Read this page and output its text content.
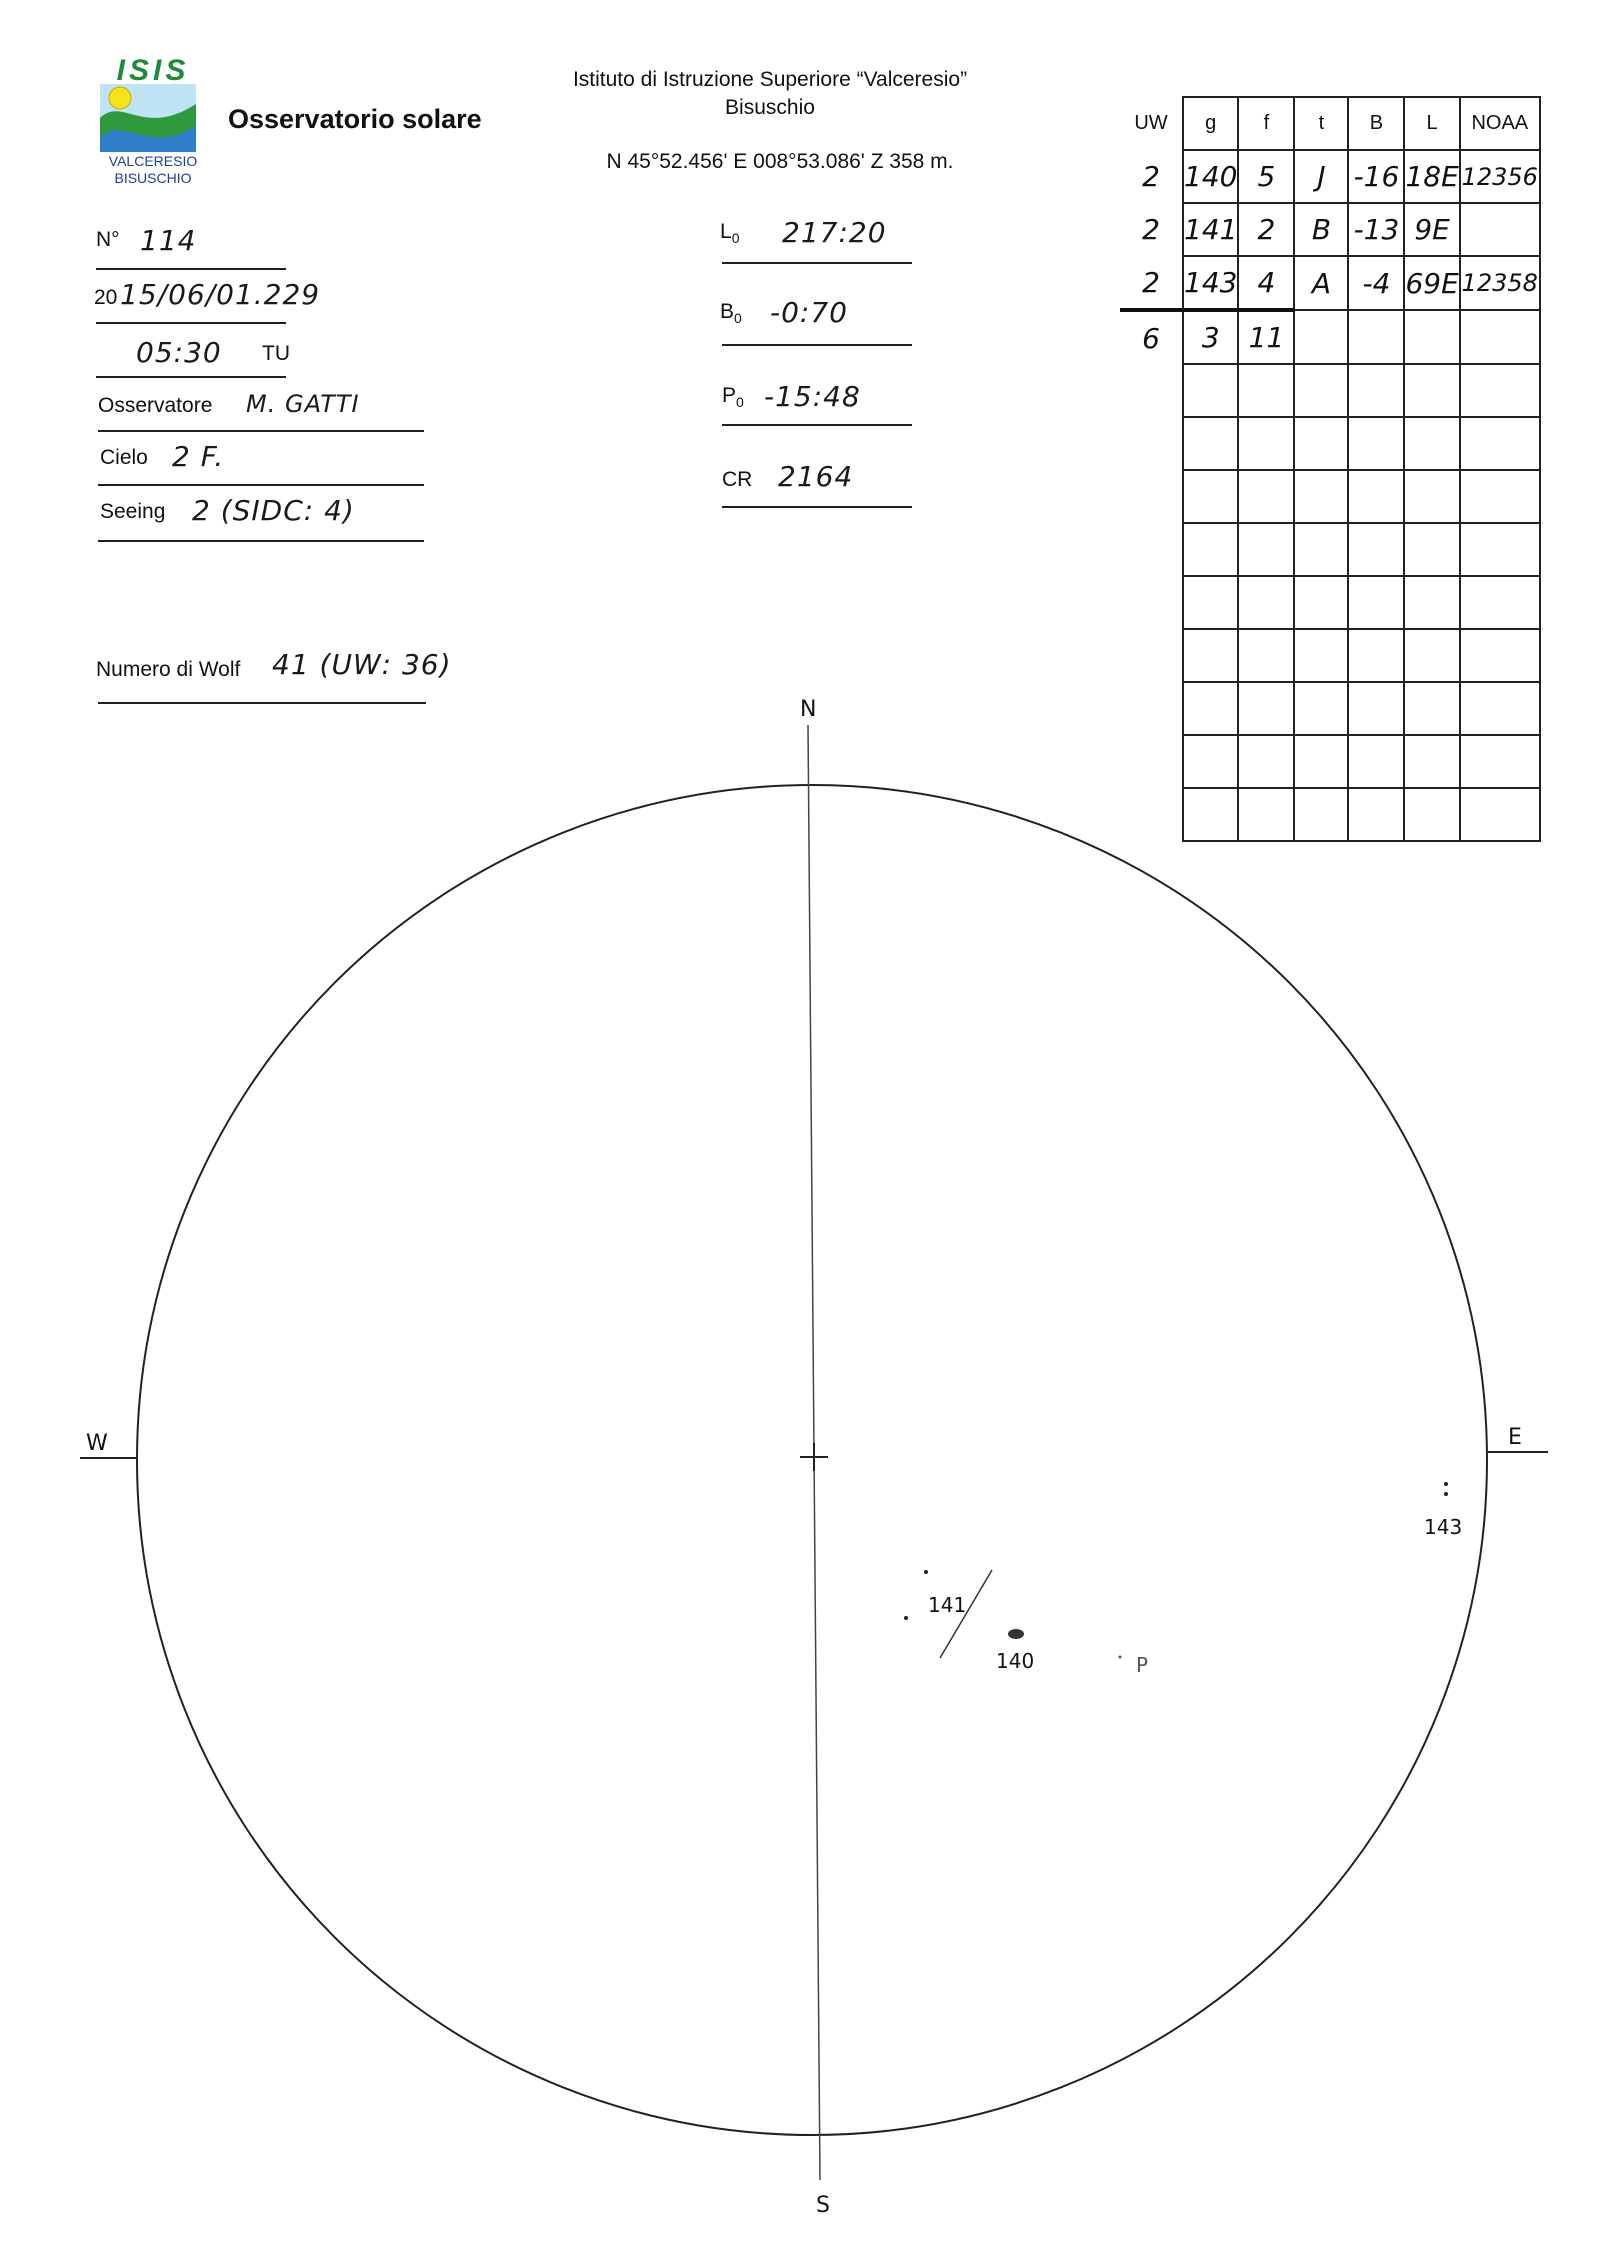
ISIS
VALCERESIO
BISUSCHIO
Osservatorio solare
Istituto di Istruzione Superiore “Valceresio”
Bisuschio
N 45°52.456' E 008°53.086' Z 358 m.
N° 114
20 15/06/01.229
05:30 TU
Osservatore M. GATTI
Cielo 2 F.
Seeing 2 (SIDC: 4)
Numero di Wolf 41 (UW: 36)
$L_0$ 217:20
$B_0$ -0:70
$P_0$ -15:48
CR 2164
UW	g	f	t	B	L	NOAA
2	140	5	J	-16	18E	12356
2	141	2	B	-13	9E	
2	143	4	A	-4	69E	12358
6	3	11				

N
S
E
W
141
140	P
143
